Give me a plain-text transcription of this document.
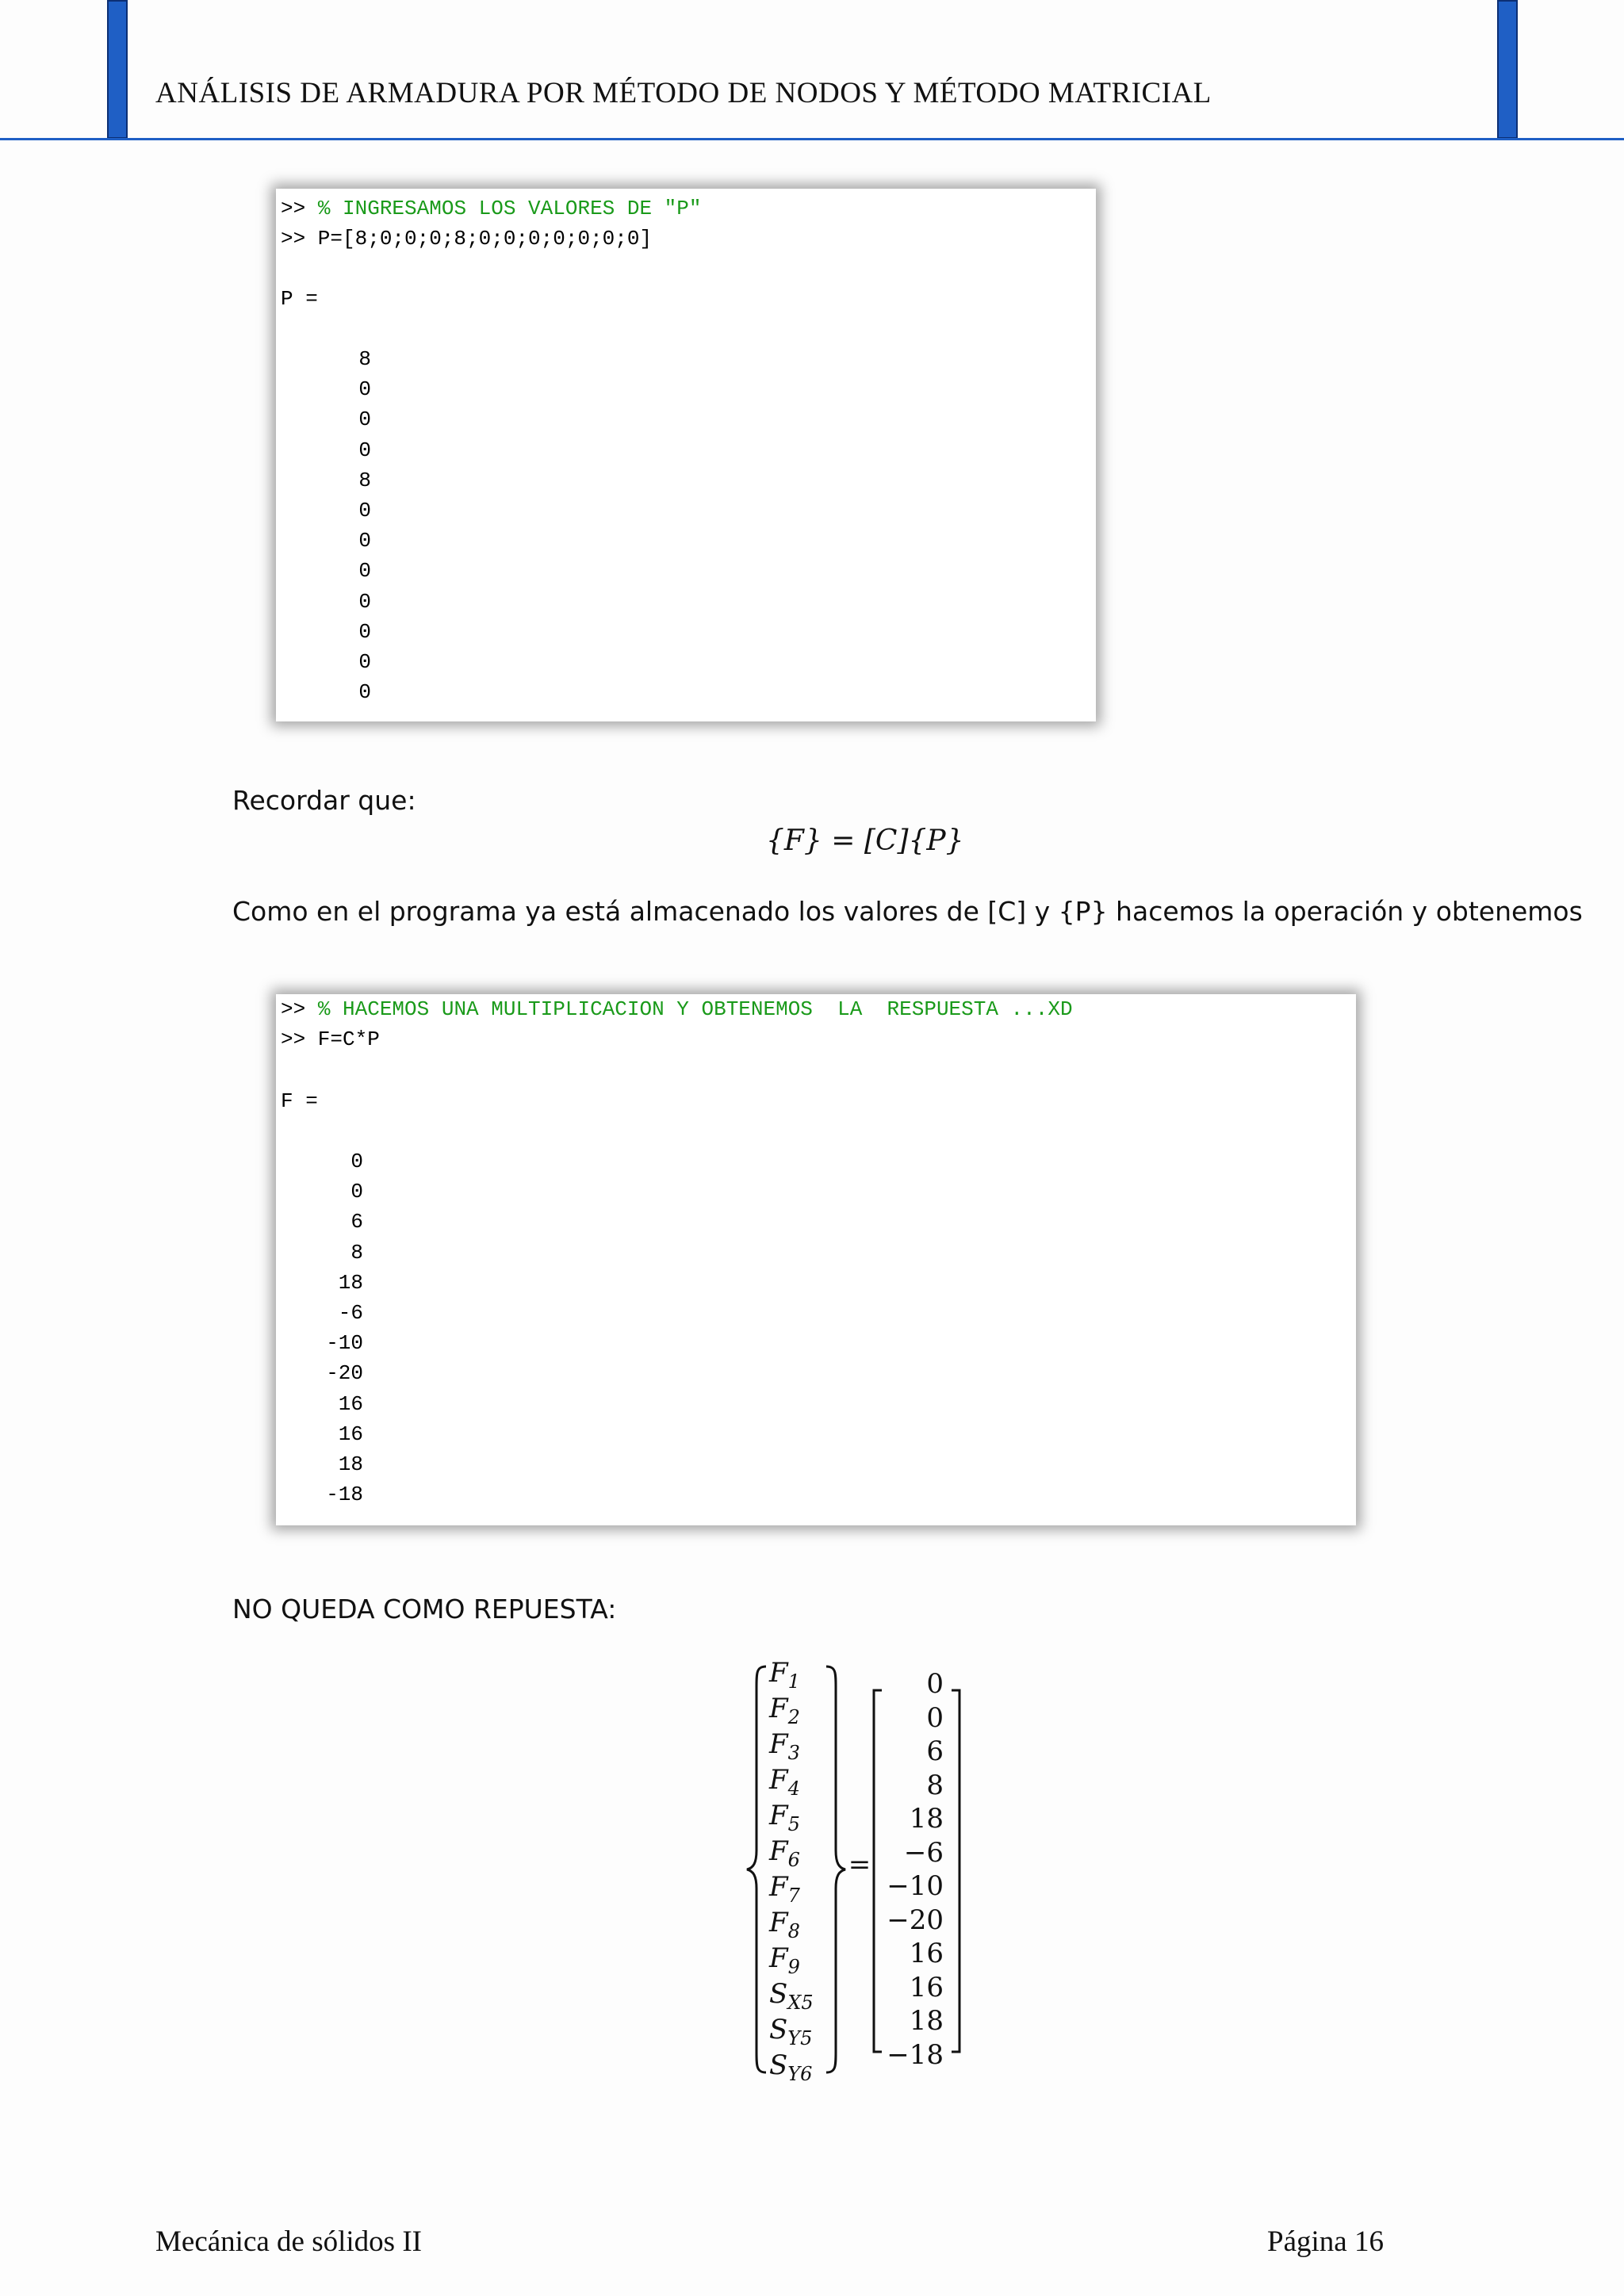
ANÁLISIS DE ARMADURA POR MÉTODO DE NODOS Y MÉTODO MATRICIAL
>> % INGRESAMOS LOS VALORES DE "P"
>> P=[8;0;0;0;8;0;0;0;0;0;0;0]
P =
8
0
0
0
8
0
0
0
0
0
0
0
Recordar que:
{F} = [C]{P}
Como en el programa ya está almacenado los valores de [C] y {P} hacemos la operación y obtenemos
>> % HACEMOS UNA MULTIPLICACION Y OBTENEMOS  LA  RESPUESTA ...XD
>> F=C*P
F =
0
0
6
8
18
-6
-10
-20
16
16
18
-18
NO QUEDA COMO REPUESTA:
$F_1$
$F_2$
$F_3$
$F_4$
$F_5$
$F_6$
$F_7$
$F_8$
$F_9$
$S_{X5}$
$S_{Y5}$
$S_{Y6}$
=
0
0
6
8
18
−6
−10
−20
16
16
18
−18
Mecánica de sólidos II	Página 16
